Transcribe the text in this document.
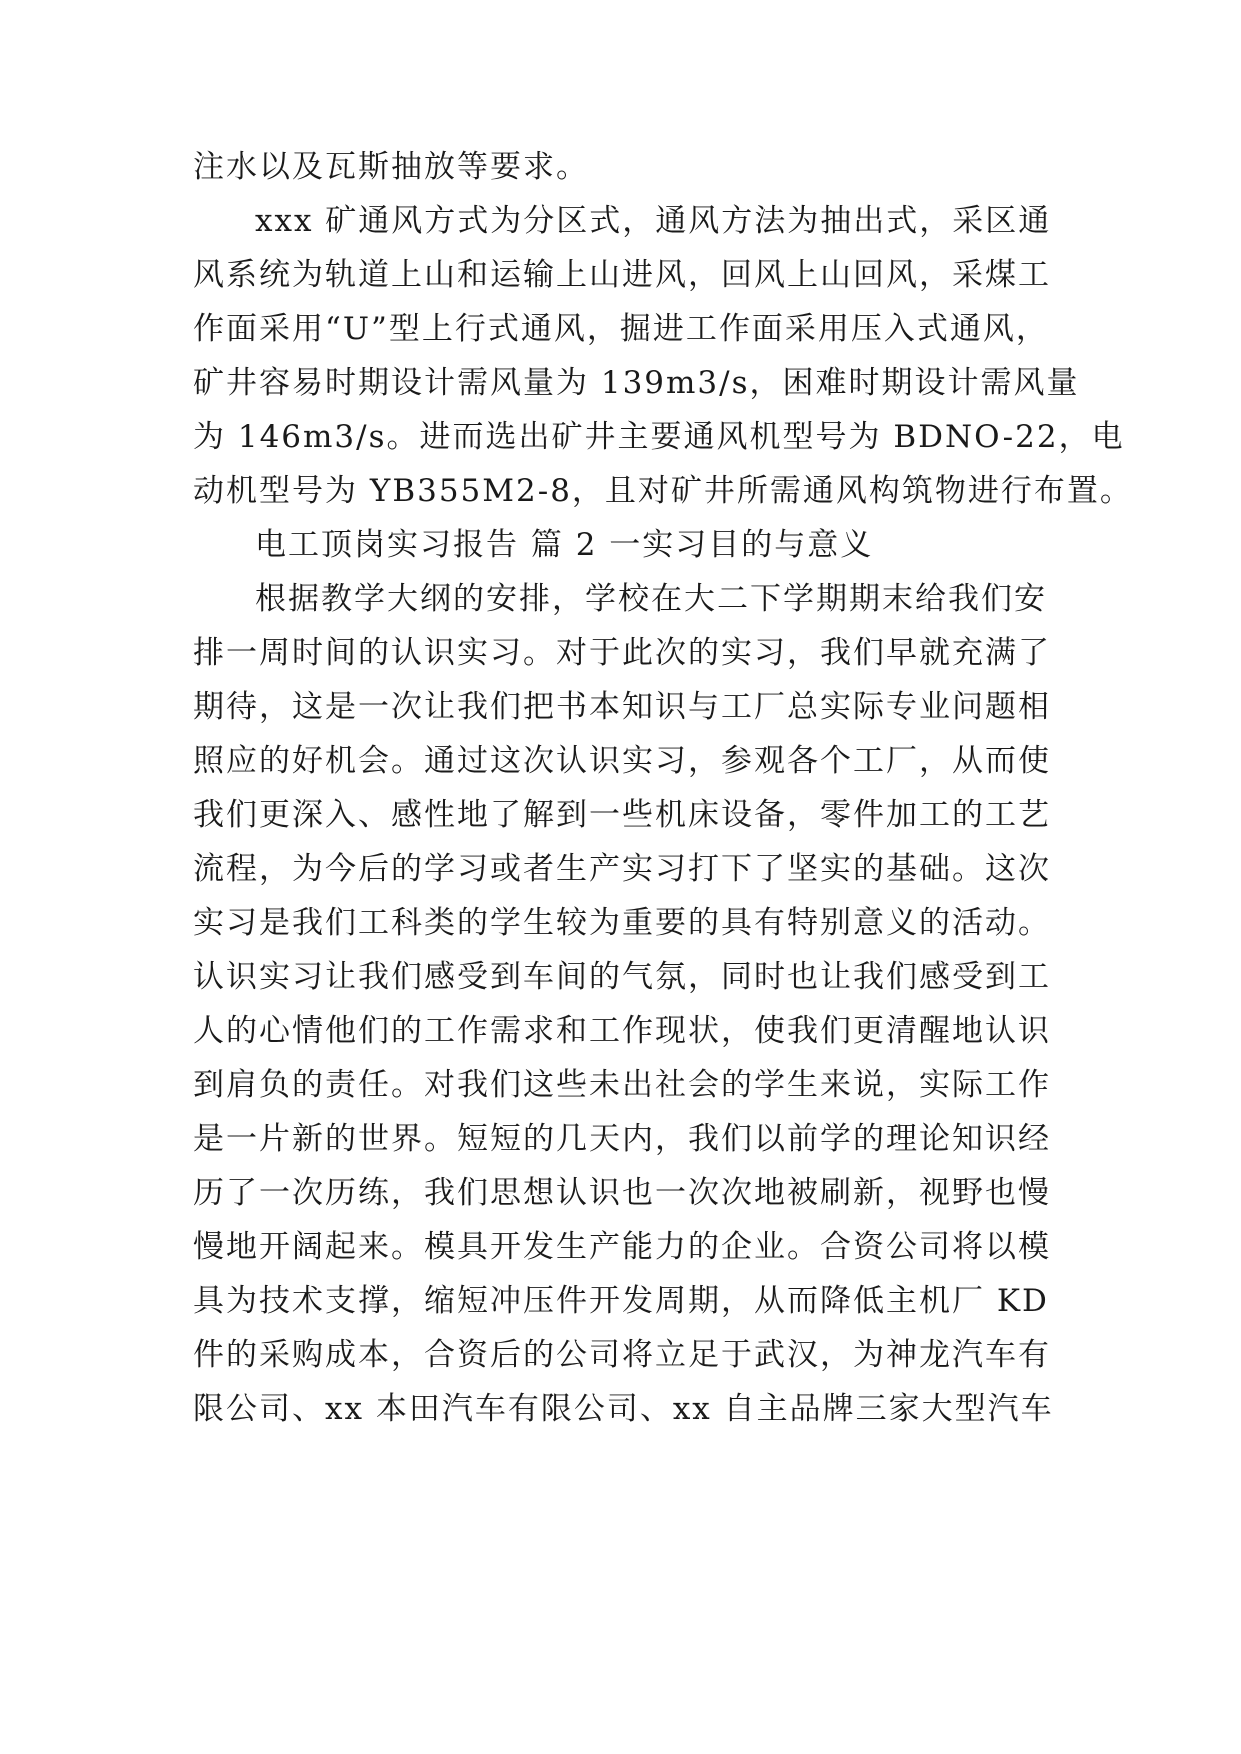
注水以及瓦斯抽放等要求。
xxx 矿通风方式为分区式，通风方法为抽出式，采区通
风系统为轨道上山和运输上山进风，回风上山回风，采煤工
作面采用“U”型上行式通风，掘进工作面采用压入式通风，
矿井容易时期设计需风量为 139m3/s，困难时期设计需风量
为 146m3/s。进而选出矿井主要通风机型号为 BDNO-22，电
动机型号为 YB355M2-8，且对矿井所需通风构筑物进行布置。
电工顶岗实习报告 篇 2 一实习目的与意义
根据教学大纲的安排，学校在大二下学期期末给我们安
排一周时间的认识实习。对于此次的实习，我们早就充满了
期待，这是一次让我们把书本知识与工厂总实际专业问题相
照应的好机会。通过这次认识实习，参观各个工厂，从而使
我们更深入、感性地了解到一些机床设备，零件加工的工艺
流程，为今后的学习或者生产实习打下了坚实的基础。这次
实习是我们工科类的学生较为重要的具有特别意义的活动。
认识实习让我们感受到车间的气氛，同时也让我们感受到工
人的心情他们的工作需求和工作现状，使我们更清醒地认识
到肩负的责任。对我们这些未出社会的学生来说，实际工作
是一片新的世界。短短的几天内，我们以前学的理论知识经
历了一次历练，我们思想认识也一次次地被刷新，视野也慢
慢地开阔起来。模具开发生产能力的企业。合资公司将以模
具为技术支撑，缩短冲压件开发周期，从而降低主机厂 KD
件的采购成本，合资后的公司将立足于武汉，为神龙汽车有
限公司、xx 本田汽车有限公司、xx 自主品牌三家大型汽车
